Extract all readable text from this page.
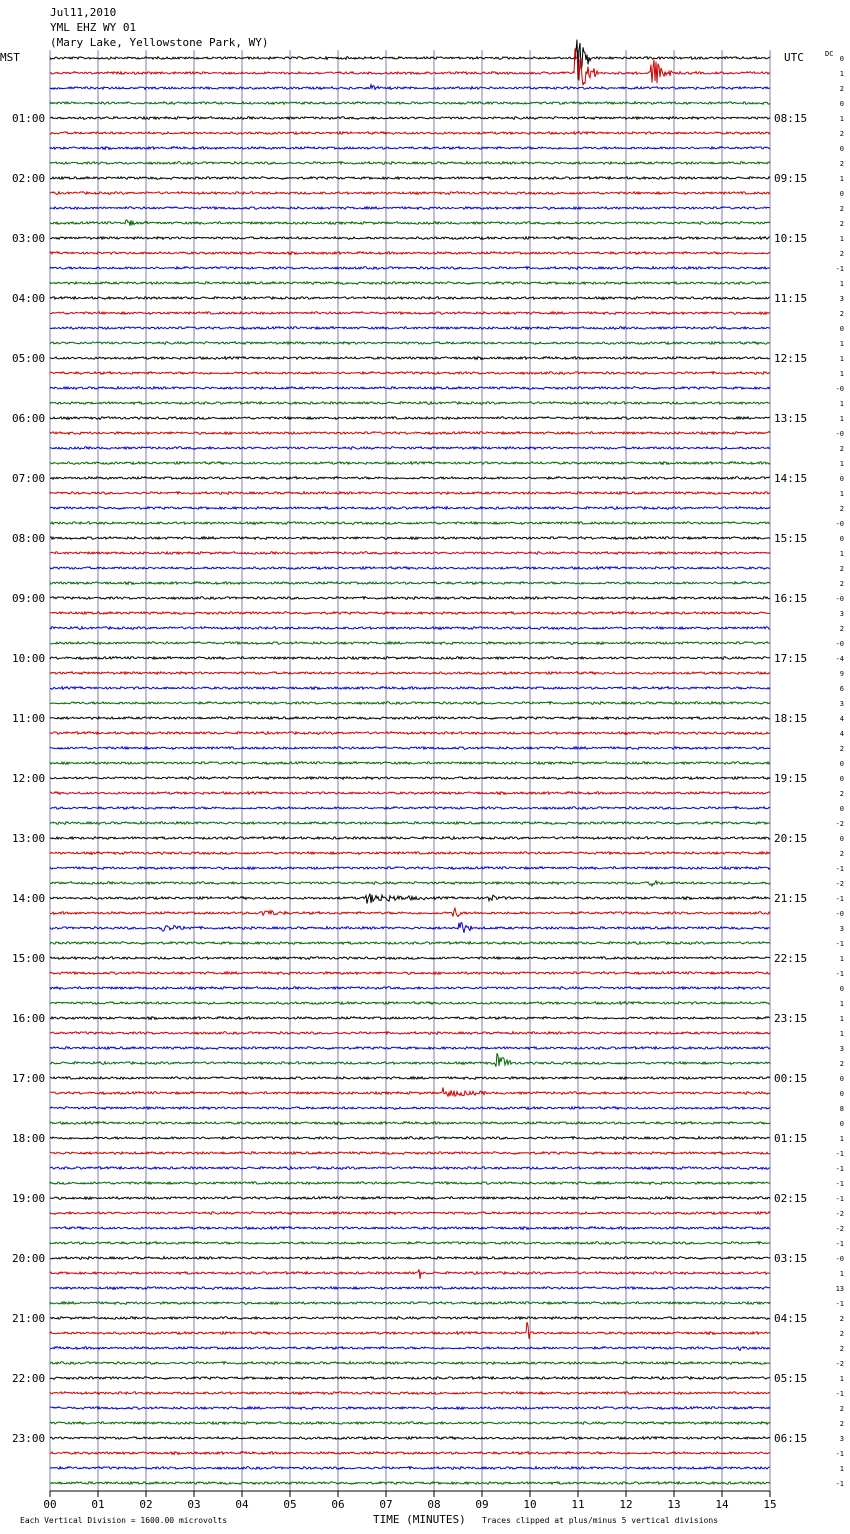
Jul11,2010
YML EHZ WY 01
(Mary Lake, Yellowstone Park, WY)
MST	UTC	DC
01:00
02:00
03:00
04:00
05:00
06:00
07:00
08:00
09:00
10:00
11:00
12:00
13:00
14:00
15:00
16:00
17:00
18:00
19:00
20:00
21:00
22:00
23:00
08:15
09:15
10:15
11:15
12:15
13:15
14:15
15:15
16:15
17:15
18:15
19:15
20:15
21:15
22:15
23:15
00:15
01:15
02:15
03:15
04:15
05:15
06:15
0
1
2
0
1
2
0
2
1
0
2
2
1
2
-1
1
3
2
0
1
1
1
-0
1
1
-0
2
1
0
1
2
-0
0
1
2
2
-0
3
2
-0
-4
9
6
3
4
4
2
0
0
2
0
-2
0
2
-1
-2
-1
-0
3
-1
1
-1
0
1
1
1
3
2
0
0
8
0
1
-1
-1
-1
-1
-2
-2
-1
-0
1
13
-1
2
2
2
-2
1
-1
2
2
3
-1
1
-1
00	01	02	03	04	05	06	07	08	09	10	11	12	13	14	15
TIME (MINUTES)
Each Vertical Division = 1600.00 microvolts	Traces clipped at plus/minus 5 vertical divisions
